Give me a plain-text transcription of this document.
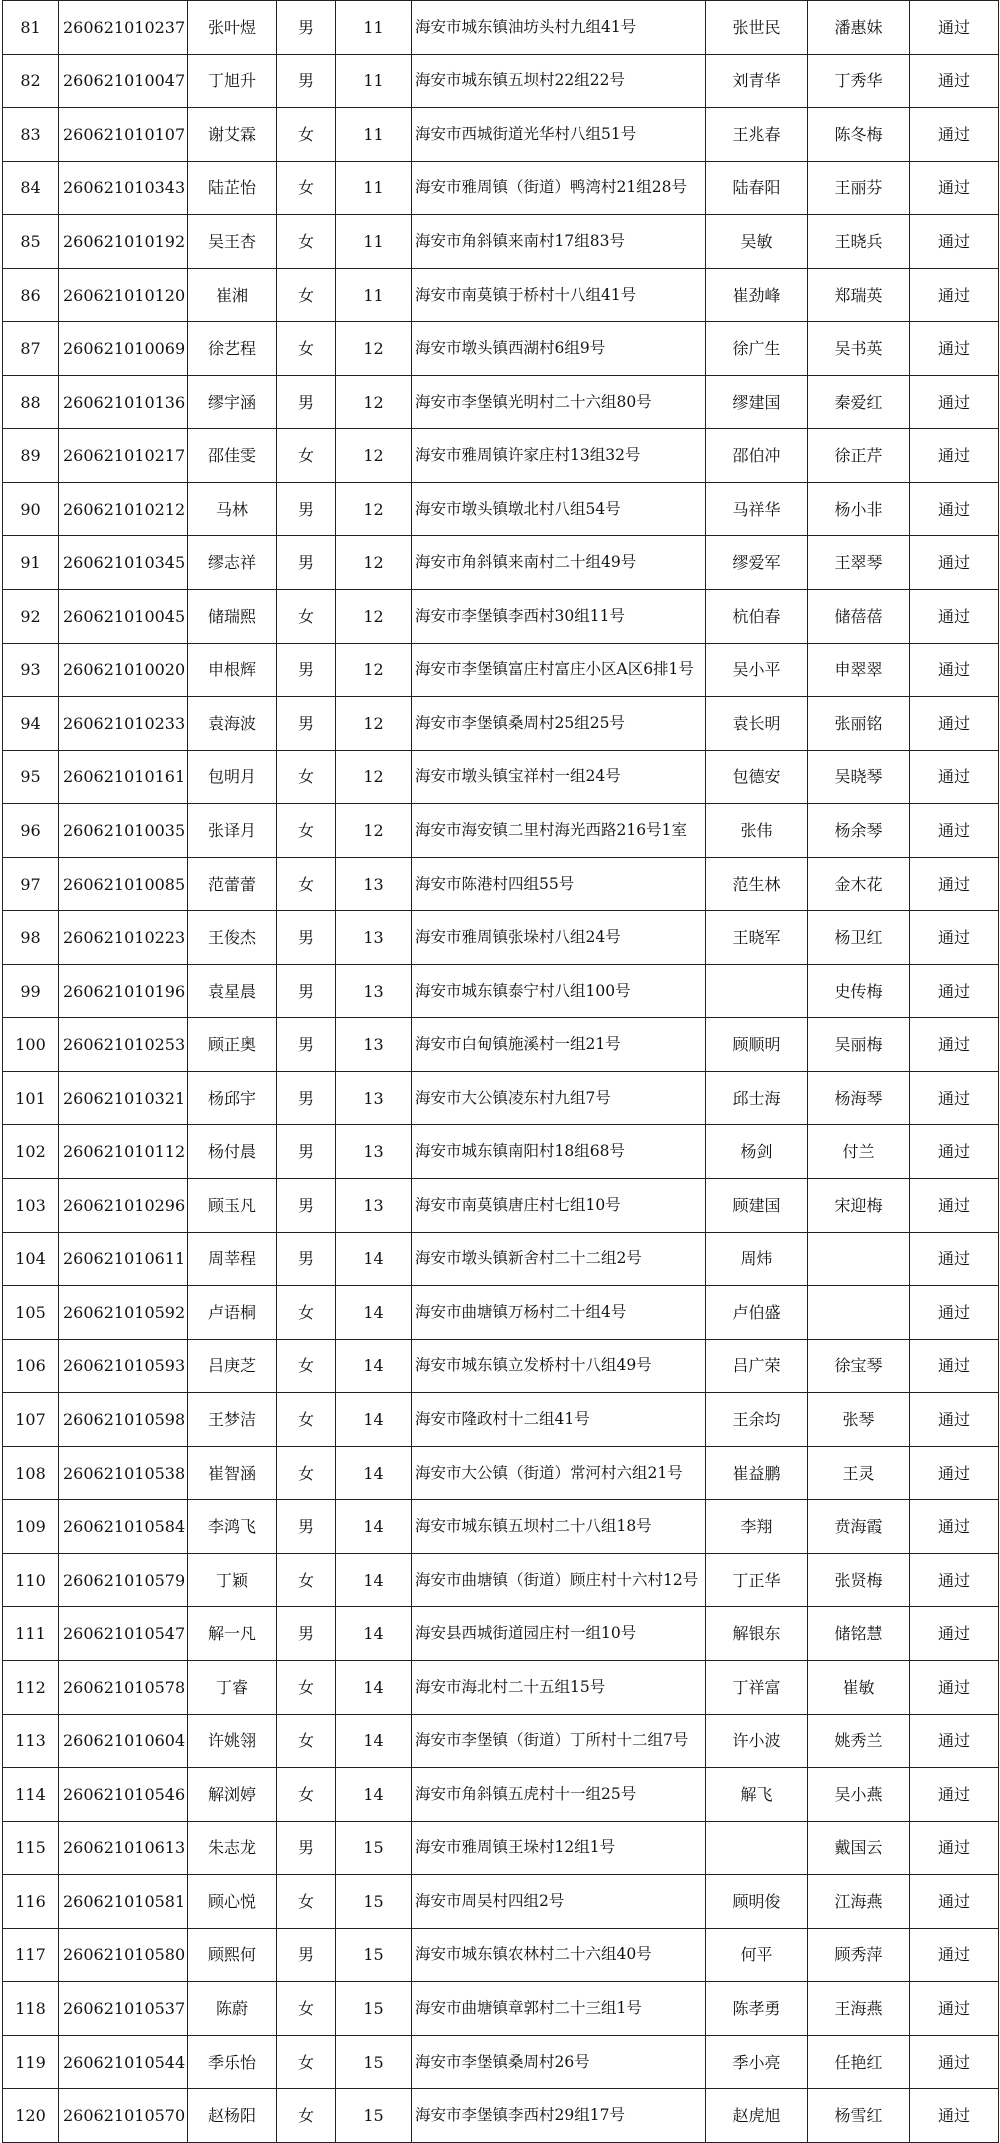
81	260621010237	张叶煜	男	11	海安市城东镇油坊头村九组41号	张世民	潘惠妹	通过
82	260621010047	丁旭升	男	11	海安市城东镇五坝村22组22号	刘青华	丁秀华	通过
83	260621010107	谢艾霖	女	11	海安市西城街道光华村八组51号	王兆春	陈冬梅	通过
84	260621010343	陆芷怡	女	11	海安市雅周镇（街道）鸭湾村21组28号	陆春阳	王丽芬	通过
85	260621010192	吴王杏	女	11	海安市角斜镇来南村17组83号	吴敏	王晓兵	通过
86	260621010120	崔湘	女	11	海安市南莫镇于桥村十八组41号	崔劲峰	郑瑞英	通过
87	260621010069	徐艺程	女	12	海安市墩头镇西湖村6组9号	徐广生	吴书英	通过
88	260621010136	缪宇涵	男	12	海安市李堡镇光明村二十六组80号	缪建国	秦爱红	通过
89	260621010217	邵佳雯	女	12	海安市雅周镇许家庄村13组32号	邵伯冲	徐正芹	通过
90	260621010212	马林	男	12	海安市墩头镇墩北村八组54号	马祥华	杨小非	通过
91	260621010345	缪志祥	男	12	海安市角斜镇来南村二十组49号	缪爱军	王翠琴	通过
92	260621010045	储瑞熙	女	12	海安市李堡镇李西村30组11号	杭伯春	储蓓蓓	通过
93	260621010020	申根辉	男	12	海安市李堡镇富庄村富庄小区A区6排1号	吴小平	申翠翠	通过
94	260621010233	袁海波	男	12	海安市李堡镇桑周村25组25号	袁长明	张丽铭	通过
95	260621010161	包明月	女	12	海安市墩头镇宝祥村一组24号	包德安	吴晓琴	通过
96	260621010035	张译月	女	12	海安市海安镇二里村海光西路216号1室	张伟	杨余琴	通过
97	260621010085	范蕾蕾	女	13	海安市陈港村四组55号	范生林	金木花	通过
98	260621010223	王俊杰	男	13	海安市雅周镇张垛村八组24号	王晓军	杨卫红	通过
99	260621010196	袁星晨	男	13	海安市城东镇泰宁村八组100号		史传梅	通过
100	260621010253	顾正奥	男	13	海安市白甸镇施溪村一组21号	顾顺明	吴丽梅	通过
101	260621010321	杨邱宇	男	13	海安市大公镇凌东村九组7号	邱士海	杨海琴	通过
102	260621010112	杨付晨	男	13	海安市城东镇南阳村18组68号	杨剑	付兰	通过
103	260621010296	顾玉凡	男	13	海安市南莫镇唐庄村七组10号	顾建国	宋迎梅	通过
104	260621010611	周莘程	男	14	海安市墩头镇新舍村二十二组2号	周炜		通过
105	260621010592	卢语桐	女	14	海安市曲塘镇万杨村二十组4号	卢伯盛		通过
106	260621010593	吕庚芝	女	14	海安市城东镇立发桥村十八组49号	吕广荣	徐宝琴	通过
107	260621010598	王梦洁	女	14	海安市隆政村十二组41号	王余均	张琴	通过
108	260621010538	崔智涵	女	14	海安市大公镇（街道）常河村六组21号	崔益鹏	王灵	通过
109	260621010584	李鸿飞	男	14	海安市城东镇五坝村二十八组18号	李翔	贲海霞	通过
110	260621010579	丁颖	女	14	海安市曲塘镇（街道）顾庄村十六村12号	丁正华	张贤梅	通过
111	260621010547	解一凡	男	14	海安县西城街道园庄村一组10号	解银东	储铭慧	通过
112	260621010578	丁睿	女	14	海安市海北村二十五组15号	丁祥富	崔敏	通过
113	260621010604	许姚翎	女	14	海安市李堡镇（街道）丁所村十二组7号	许小波	姚秀兰	通过
114	260621010546	解浏婷	女	14	海安市角斜镇五虎村十一组25号	解飞	吴小燕	通过
115	260621010613	朱志龙	男	15	海安市雅周镇王垛村12组1号		戴国云	通过
116	260621010581	顾心悦	女	15	海安市周吴村四组2号	顾明俊	江海燕	通过
117	260621010580	顾熙何	男	15	海安市城东镇农林村二十六组40号	何平	顾秀萍	通过
118	260621010537	陈蔚	女	15	海安市曲塘镇章郭村二十三组1号	陈孝勇	王海燕	通过
119	260621010544	季乐怡	女	15	海安市李堡镇桑周村26号	季小亮	任艳红	通过
120	260621010570	赵杨阳	女	15	海安市李堡镇李西村29组17号	赵虎旭	杨雪红	通过
